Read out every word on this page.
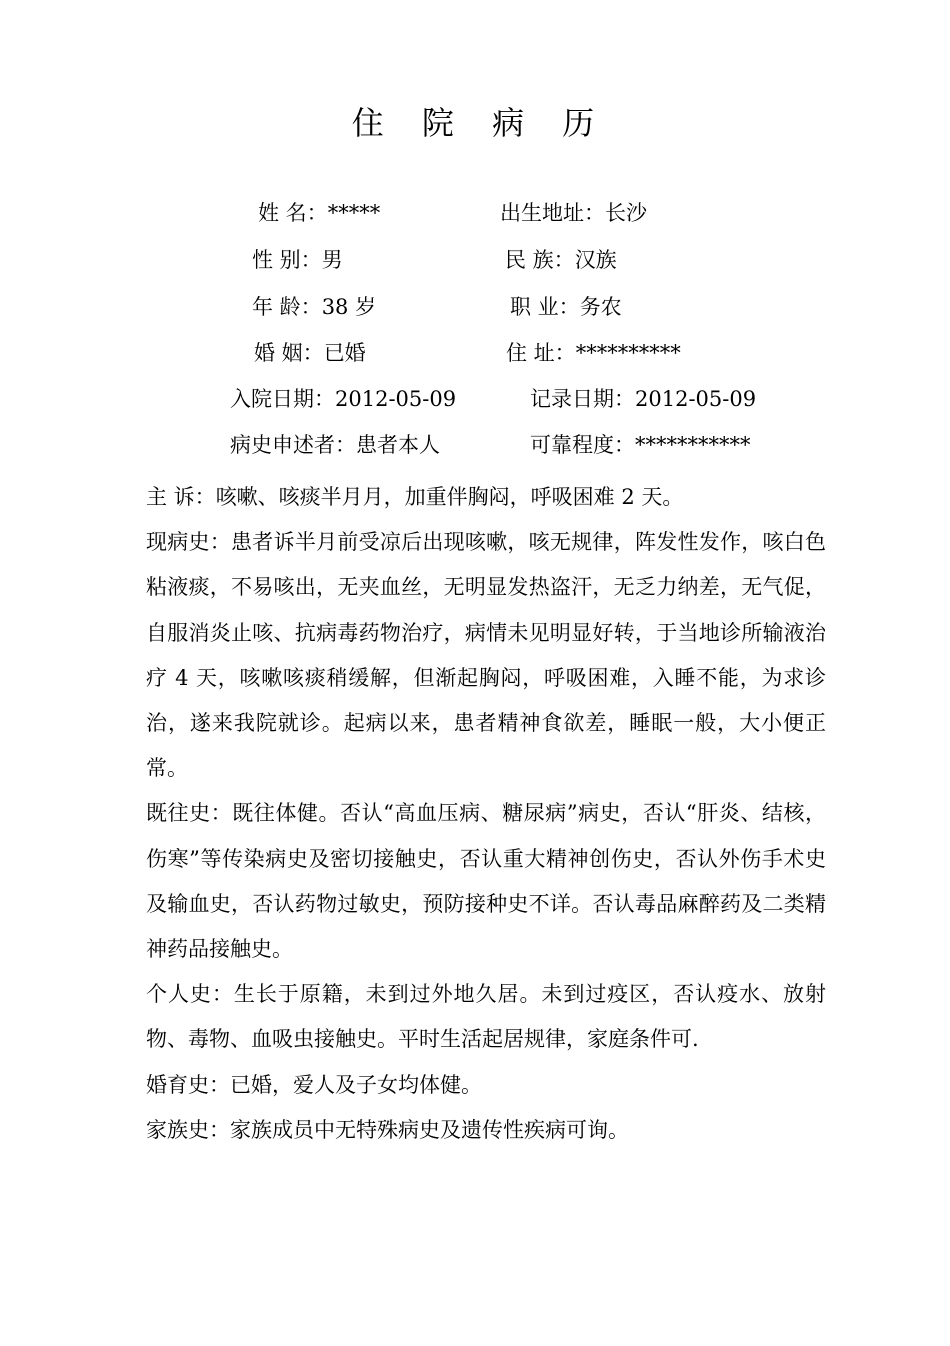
住 院 病 历
姓 名：*****	出生地址：长沙
性 别：男	民 族：汉族
年 龄：38 岁	职 业：务农
婚 姻：已婚	住 址：**********
入院日期：2012-05-09	记录日期：2012-05-09
病史申述者：患者本人	可靠程度：***********

主 诉：咳嗽、咳痰半月月，加重伴胸闷，呼吸困难 2 天。

现病史：患者诉半月前受凉后出现咳嗽，咳无规律，阵发性发作，咳白色粘液痰，不易咳出，无夹血丝，无明显发热盗汗，无乏力纳差，无气促，自服消炎止咳、抗病毒药物治疗，病情未见明显好转，于当地诊所输液治疗 4 天，咳嗽咳痰稍缓解，但渐起胸闷，呼吸困难，入睡不能，为求诊治，遂来我院就诊。起病以来，患者精神食欲差，睡眠一般，大小便正常。

既往史：既往体健。否认“高血压病、糖尿病”病史，否认“肝炎、结核，伤寒”等传染病史及密切接触史，否认重大精神创伤史，否认外伤手术史及输血史，否认药物过敏史，预防接种史不详。否认毒品麻醉药及二类精神药品接触史。

个人史：生长于原籍，未到过外地久居。未到过疫区，否认疫水、放射物、毒物、血吸虫接触史。平时生活起居规律，家庭条件可.

婚育史：已婚，爱人及子女均体健。

家族史：家族成员中无特殊病史及遗传性疾病可询。
